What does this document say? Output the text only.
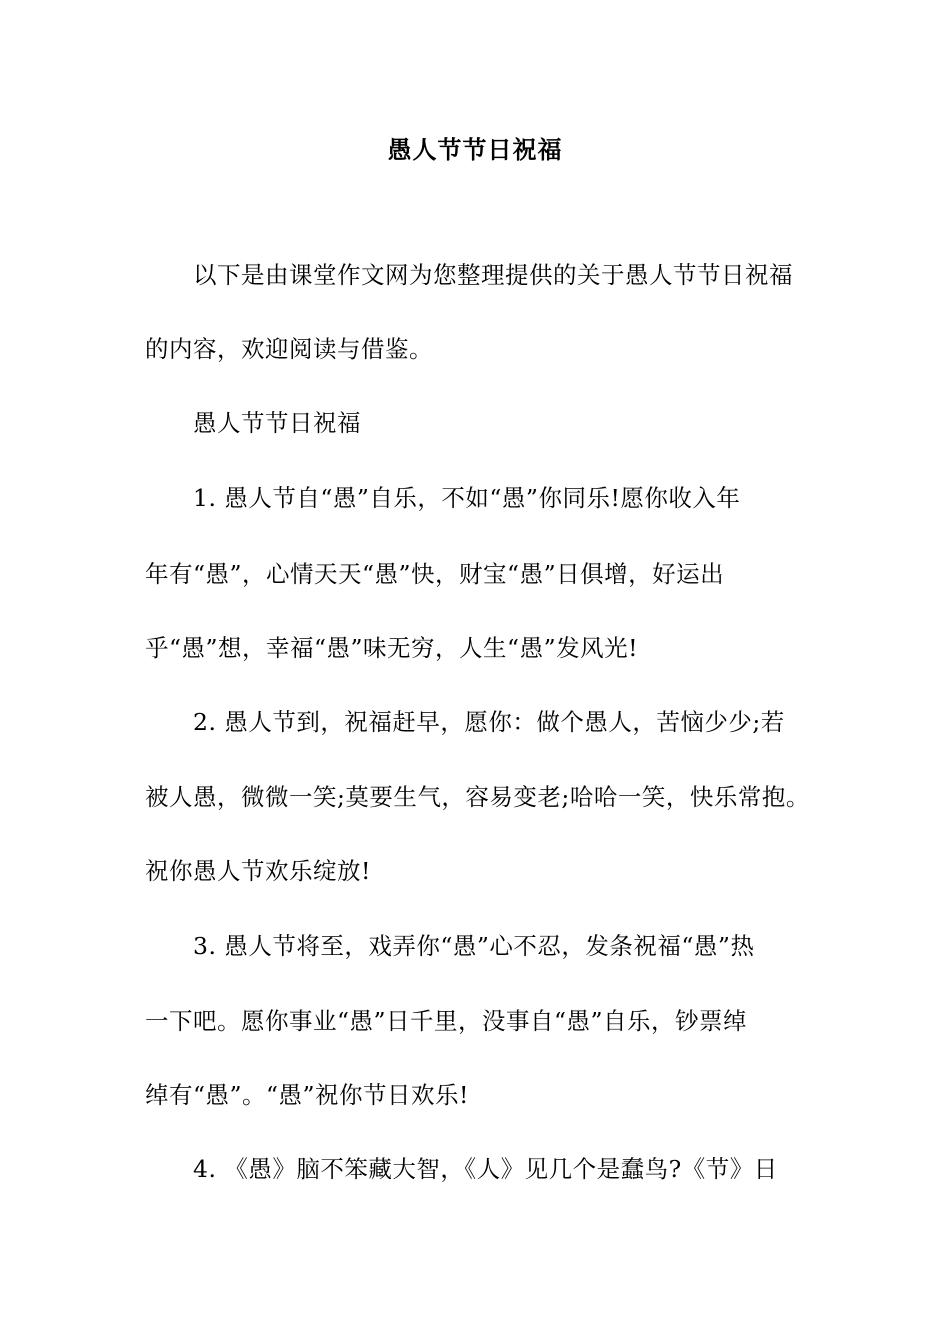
愚人节节日祝福
以下是由课堂作文网为您整理提供的关于愚人节节日祝福
的内容，欢迎阅读与借鉴。
愚人节节日祝福
1. 愚人节自“愚”自乐，不如“愚”你同乐!愿你收入年
年有“愚”，心情天天“愚”快，财宝“愚”日俱增，好运出
乎“愚”想，幸福“愚”味无穷，人生“愚”发风光!
2. 愚人节到，祝福赶早，愿你：做个愚人，苦恼少少;若
被人愚，微微一笑;莫要生气，容易变老;哈哈一笑，快乐常抱。
祝你愚人节欢乐绽放!
3. 愚人节将至，戏弄你“愚”心不忍，发条祝福“愚”热
一下吧。愿你事业“愚”日千里，没事自“愚”自乐，钞票绰
绰有“愚”。“愚”祝你节日欢乐!
4. 《愚》脑不笨藏大智，《人》见几个是蠢鸟?《节》日
